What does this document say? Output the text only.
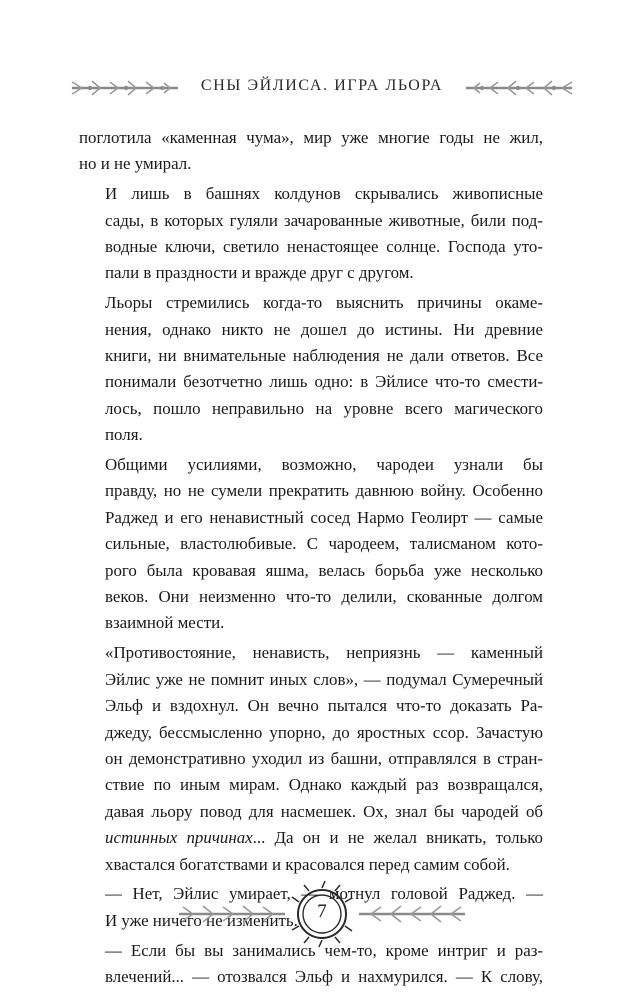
СНЫ ЭЙЛИСА. ИГРА ЛЬОРА

поглотила «каменная чума», мир уже многие годы не жил,
но и не умирал.

И лишь в башнях колдунов скрывались живописные
сады, в которых гуляли зачарованные животные, били под-
водные ключи, светило ненастоящее солнце. Господа уто-
пали в праздности и вражде друг с другом.

Льоры стремились когда-то выяснить причины окаме-
нения, однако никто не дошел до истины. Ни древние
книги, ни внимательные наблюдения не дали ответов. Все
понимали безотчетно лишь одно: в Эйлисе что-то смести-
лось, пошло неправильно на уровне всего магического
поля.

Общими усилиями, возможно, чародеи узнали бы
правду, но не сумели прекратить давнюю войну. Особенно
Раджед и его ненавистный сосед Нармо Геолирт — самые
сильные, властолюбивые. С чародеем, талисманом кото-
рого была кровавая яшма, велась борьба уже несколько
веков. Они неизменно что-то делили, скованные долгом
взаимной мести.

«Противостояние, ненависть, неприязнь — каменный
Эйлис уже не помнит иных слов», — подумал Сумеречный
Эльф и вздохнул. Он вечно пытался что-то доказать Ра-
джеду, бессмысленно упорно, до яростных ссор. Зачастую
он демонстративно уходил из башни, отправлялся в стран-
ствие по иным мирам. Однако каждый раз возвращался,
давая льору повод для насмешек. Ох, знал бы чародей об
истинных причинах... Да он и не желал вникать, только
хвастался богатствами и красовался перед самим собой.

— Нет, Эйлис умирает, — мотнул головой Раджед. —
И уже ничего не изменить.

— Если бы вы занимались чем-то, кроме интриг и раз-
влечений... — отозвался Эльф и нахмурился. — К слову,

7
